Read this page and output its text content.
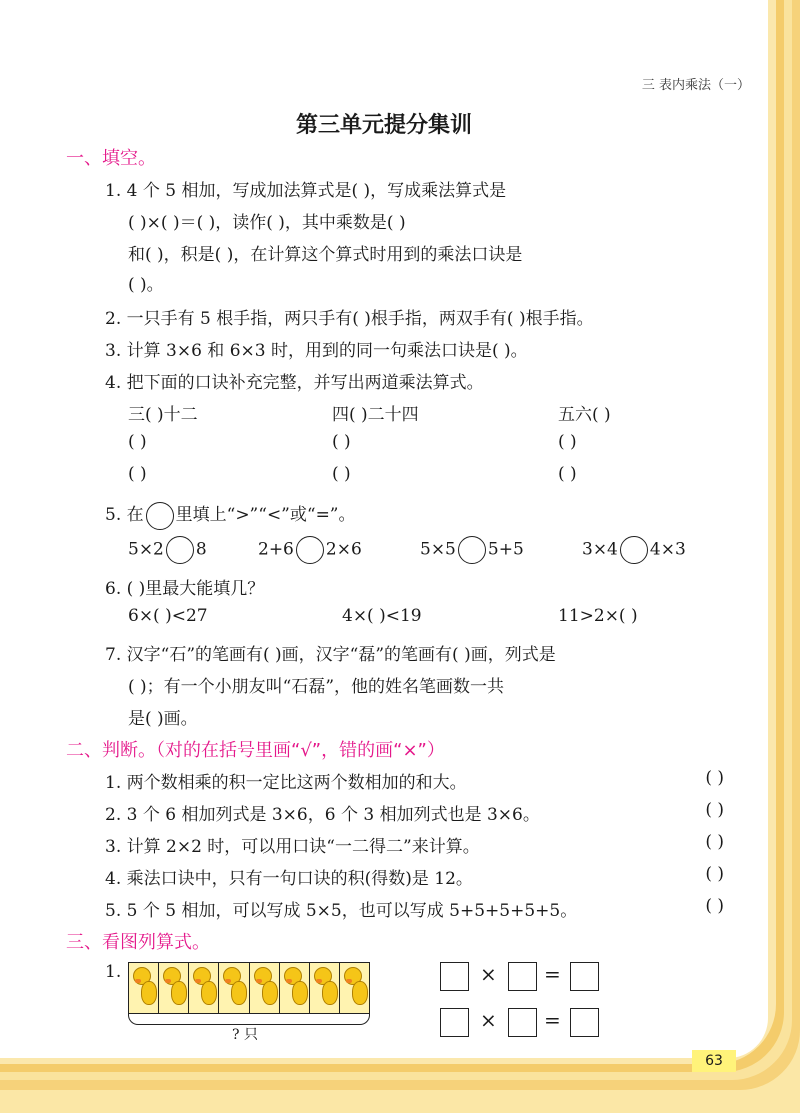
三 表内乘法（一）
第三单元提分集训
一、填空。
1. 4 个 5 相加，写成加法算式是( )，写成乘法算式是
( )×( )＝( )，读作( )，其中乘数是( )
和( )，积是( )，在计算这个算式时用到的乘法口诀是
( )。
2. 一只手有 5 根手指，两只手有( )根手指，两双手有( )根手指。
3. 计算 3×6 和 6×3 时，用到的同一句乘法口诀是( )。
4. 把下面的口诀补充完整，并写出两道乘法算式。
三( )十二	四( )二十四	五六( )
( )	( )	( )
( )	( )	( )
5. 在 里填上“>”“<”或“=”。
5×2 8	2+6 2×6	5×5 5+5	3×4 4×3
6. ( )里最大能填几？
6×( )<27	4×( )<19	11>2×( )
7. 汉字“石”的笔画有( )画，汉字“磊”的笔画有( )画，列式是
( )；有一个小朋友叫“石磊”，他的姓名笔画数一共
是( )画。
二、判断。（对的在括号里画“√”，错的画“×”）
1. 两个数相乘的积一定比这两个数相加的和大。	( )
2. 3 个 6 相加列式是 3×6，6 个 3 相加列式也是 3×6。	( )
3. 计算 2×2 时，可以用口诀“一二得二”来计算。	( )
4. 乘法口诀中，只有一句口诀的积(得数)是 12。	( )
5. 5 个 5 相加，可以写成 5×5，也可以写成 5+5+5+5+5。	( )
三、看图列算式。
1.
? 只
× =
× =
63
